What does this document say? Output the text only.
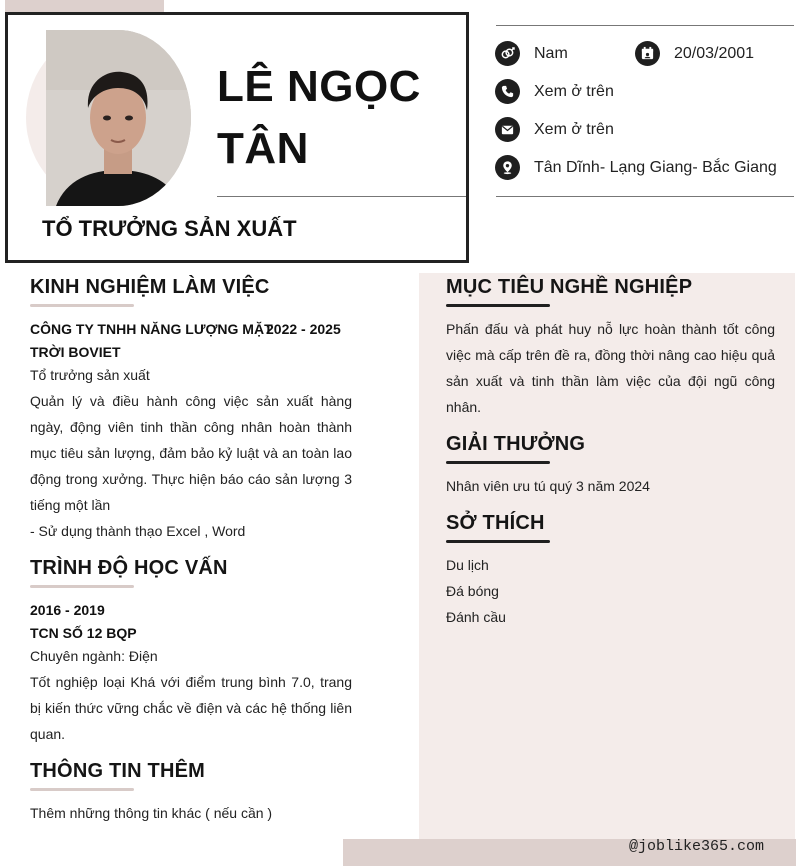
LÊ NGỌC
TÂN
TỔ TRƯỞNG SẢN XUẤT
Nam	20/03/2001
Xem ở trên
Xem ở trên
Tân Dĩnh- Lạng Giang- Bắc Giang
KINH NGHIỆM LÀM VIỆC
CÔNG TY TNHH NĂNG LƯỢNG MẶT
TRỜI BOVIET
2022 - 2025
Tổ trưởng sản xuất
Quản lý và điều hành công việc sản xuất hàng ngày, động viên tinh thần công nhân hoàn thành mục tiêu sản lượng, đảm bảo kỷ luật và an toàn lao động trong xưởng. Thực hiện báo cáo sản lượng 3 tiếng một lần
- Sử dụng thành thạo Excel , Word
TRÌNH ĐỘ HỌC VẤN
2016 - 2019
TCN SỐ 12 BQP
Chuyên ngành: Điện
Tốt nghiệp loại Khá với điểm trung bình 7.0, trang bị kiến thức vững chắc về điện và các hệ thống liên quan.
THÔNG TIN THÊM
Thêm những thông tin khác ( nếu cần )
MỤC TIÊU NGHỀ NGHIỆP
Phấn đấu và phát huy nỗ lực hoàn thành tốt công việc mà cấp trên đề ra, đồng thời nâng cao hiệu quả sản xuất và tinh thần làm việc của đội ngũ công nhân.
GIẢI THƯỞNG
Nhân viên ưu tú quý 3 năm 2024
SỞ THÍCH
Du lịch
Đá bóng
Đánh cầu
@joblike365.com
